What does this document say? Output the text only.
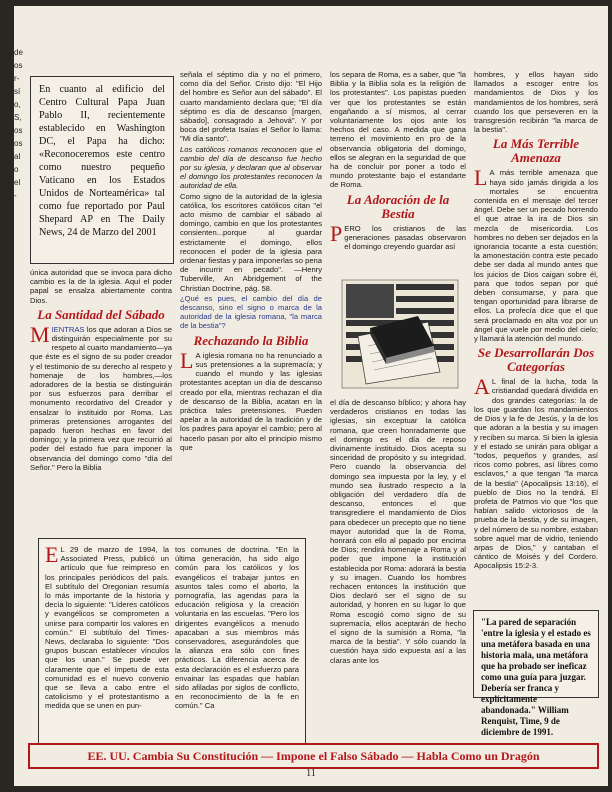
de
os
r-
sí
o,
S,
os
os
al
o
el
-

En cuanto al edificio del Centro Cultural Papa Juan Pablo II, recientemente establecido en Washington DC, el Papa ha dicho: «Reconoceremos este centro como nuestro pequeño Vaticano en los Estados Unidos de Norteamérica» tal como fue reportado por Paul Shepard AP en The Daily News, 24 de Marzo del 2001

única autoridad que se invoca para dicho cambio es la de la iglesia. Aquí el poder papal se ensalza abiertamente contra Dios.

La Santidad del Sábado

MIENTRAS los que adoran a Dios se distinguirán especialmente por su respeto al cuarto mandamiento—ya que éste es el signo de su poder creador y el testimonio de su derecho al respeto y homenaje de los hombres,—los adoradores de la bestia se distinguirán por sus esfuerzos para derribar el monumento recordativo del Creador y ensalzar lo instituido por Roma. Las primeras pretensiones arrogantes del papado fueron hechas en favor del domingo; y la primera vez que recurrió al poder del estado fue para imponer la observancia del domingo como "día del Señor." Pero la Biblia

señala el séptimo día y no el primero, como día del Señor. Cristo dijo: "El Hijo del hombre es Señor aun del sábado". El cuarto mandamiento declara que; "El día séptimo es día de descanso [margen, sábado], consagrado a Jehová". Y por boca del profeta Isaías el Señor lo llama: "Mi día santo".

Los católicos romanos reconocen que el cambio del día de descanso fue hecho por su iglesia, y declaran que al observar el domingo los protestantes reconocen la autoridad de ella.

Como signo de la autoridad de la iglesia católica, los escritores católicos citan "el acto mismo de cambiar el sábado al domingo, cambio en que los protestantes consienten...porque al guardar estrictamente el domingo, ellos reconocen el poder de la iglesia para ordenar fiestas y para imponerlas so pena de incurrir en pecado". —Henry Tuberville, An Abridgement of the Christian Doctrine, pág. 58.

¿Qué es pues, el cambio del día de descanso, sino el signo o marca de la autoridad de la iglesia romana, "la marca de la bestia"?

Rechazando la Biblia

L A iglesia romana no ha renunciado a sus pretensiones a la supremacía; y cuando el mundo y las iglesias protestantes aceptan un día de descanso creado por ella, mientras rechazan el día de descanso de la Biblia, acatan en la práctica tales pretensiones. Pueden apelar a la autoridad de la tradición y de los padres para apoyar el cambio; pero al hacerlo pasan por alto el principio mismo que

E L 29 de marzo de 1994, la Associated Press, publicó un artículo que fue reimpreso en los principales periódicos del país. El subtítulo del Oregonian resumía lo más importante de la historia y decía lo siguiente: "Líderes católicos y evangélicos se comprometen a unirse para compartir los valores en común." El subtítulo del Times-News, declaraba lo siguiente: "Dos grupos buscan establecer vínculos que los unan." Se puede ver claramente que el ímpetu de esta comunidad es el nuevo convenio que se lleva a cabo entre el catolicismo y el protestantismo a medida que se unen en pun-

tos comunes de doctrina. "En la última generación, ha sido algo común para los católicos y los evangélicos el trabajar juntos en asuntos tales como el aborto, la pornografía, las agendas para la educación religiosa y la creación voluntaria en las escuelas. "Pero los dirigentes evangélicos a menudo apacaban a sus miembros más conservadores, asegurándoles que la alianza era sólo con fines prácticos. La diferencia acerca de esta declaración es el esfuerzo para envainar las espadas que habían sido afiladas por siglos de conflicto, en reconocimiento de la fe en común." Ca

los separa de Roma, es a saber, que "la Biblia y la Biblia sola es la religión de los protestantes". Los papistas pueden ver que los protestantes se están engañando a sí mismos, al cerrar voluntariamente los ojos ante los hechos del caso. A medida que gana terreno el movimiento en pro de la observancia obligatoria del domingo, ellos se alegran en la seguridad de que ha de concluir por poner a todo el mundo protestante bajo el estandarte de Roma.

La Adoración de la Bestia

PERO los cristianos de las generaciones pasadas observaron el domingo creyendo guardar así

el día de descanso bíblico; y ahora hay verdaderos cristianos en todas las iglesias, sin exceptuar la católica romana, que creen honradamente que el domingo es el día de reposo divinamente instituido. Dios acepta su sinceridad de propósito y su integridad. Pero cuando la observancia del domingo sea impuesta por la ley, y el mundo sea ilustrado respecto a la obligación del verdadero día de descanso, entonces el que transgrediere el mandamiento de Dios para obedecer un precepto que no tiene mayor autoridad que la de Roma, honrará con ello al papado por encima de Dios; rendirá homenaje a Roma y al poder que impone la institución establecida por Roma: adorará la bestia y su imagen. Cuando los hombres rechacen entonces la institución que Dios declaró ser el signo de su autoridad, y honren en su lugar lo que Roma escogió como signo de su supremacía, ellos aceptarán de hecho el signo de la sumisión a Roma, "la marca de la bestia". Y sólo cuando la cuestión haya sido expuesta así a las claras ante los

hombres, y ellos hayan sido llamados a escoger entre los mandamientos de Dios y los mandamientos de los hombres, será cuando los que perseveren en la transgresión recibirán "la marca de la bestia".

La Más Terrible Amenaza

L A más terrible amenaza que haya sido jamás dirigida a los mortales se encuentra contenida en el mensaje del tercer ángel. Debe ser un pecado horrendo el que atrae la ira de Dios sin mezcla de misericordia. Los hombres no deben ser dejados en la ignorancia tocante a esta cuestión; la amonestación contra este pecado debe ser dada al mundo antes que los juicios de Dios caigan sobre él, para que todos sepan por qué deben consumarse, y para que tengan oportunidad para librarse de ellos. La profecía dice que el que será proclamado en alta voz por un ángel que vuele por medio del cielo; y llamará la atención del mundo.

Se Desarrollarán Dos Categorías

A L final de la lucha, toda la cristiandad quedará dividida en dos grandes categorías: la de los que guardan los mandamientos de Dios y la fe de Jesús, y la de los que adoran a la bestia y su imagen y reciben su marca. Si bien la iglesia y el estado se unirán para obligar a "todos, pequeños y grandes, así ricos como pobres, así libres como esclavos," a que tengan "la marca de la bestia" (Apocalipsis 13:16), el pueblo de Dios no la tendrá. El profeta de Patmos vio que "los que habían salido victoriosos de la prueba de la bestia, y de su imagen, y del número de su nombre, estaban sobre aquel mar de vidrio, teniendo arpas de Dios," y cantaban el cántico de Moisés y del Cordero. Apocalipsis 15:2-3.

"La pared de separación 'entre la iglesia y el estado es una metáfora basada en una historia mala, una metáfora que ha probado ser ineficaz como una guía para juzgar. Debería ser franca y explícitamente abandonada." William Renquist, Time, 9 de diciembre de 1991.

EE. UU. Cambia Su Constitución — Impone el Falso Sábado — Habla Como un Dragón
11
